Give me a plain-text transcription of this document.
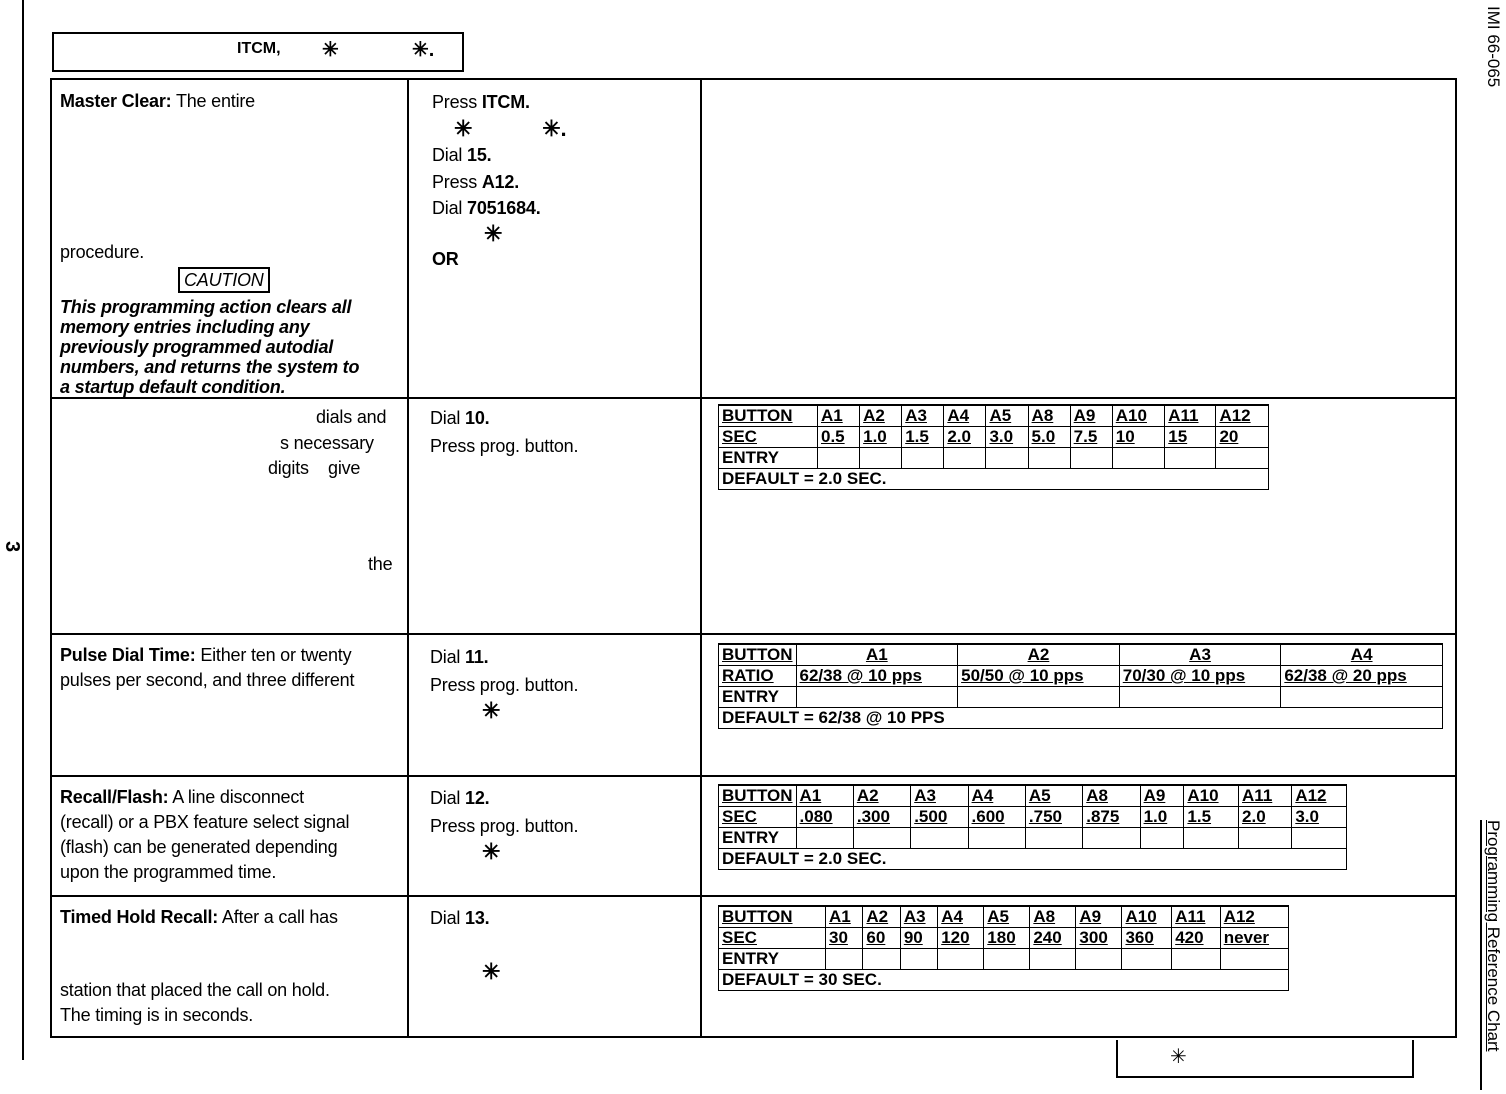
3
IMI 66-065
Programming Reference Chart
ITCM, ✳	✳.
Master Clear: The entire
procedure.
CAUTION
This programming action clears all
memory entries including any
previously programmed autodial
numbers, and returns the system to
a startup default condition.
Press ITCM.
✳	✳.
Dial 15.
Press A12.
Dial 7051684.
✳
OR
dials and
s necessary
digits    give
the
Dial 10.
Press prog. button.
BUTTON	A1	A2	A3	A4	A5	A8	A9	A10	A11	A12
SEC	0.5	1.0	1.5	2.0	3.0	5.0	7.5	10	15	20
ENTRY										
DEFAULT = 2.0 SEC.										
Pulse Dial Time: Either ten or twenty
pulses per second, and three different
Dial 11.
Press prog. button.
✳
BUTTON	A1	A2	A3	A4
RATIO	62/38 @ 10 pps	50/50 @ 10 pps	70/30 @ 10 pps	62/38 @ 20 pps
ENTRY				
DEFAULT = 62/38 @ 10 PPS				
Recall/Flash: A line disconnect
(recall) or a PBX feature select signal
(flash) can be generated depending
upon the programmed time.
Dial 12.
Press prog. button.
✳
BUTTON	A1	A2	A3	A4	A5	A8	A9	A10	A11	A12
SEC	.080	.300	.500	.600	.750	.875	1.0	1.5	2.0	3.0
ENTRY										
DEFAULT = 2.0 SEC.										
Timed Hold Recall: After a call has
station that placed the call on hold.
The timing is in seconds.
Dial 13.
✳
BUTTON	A1	A2	A3	A4	A5	A8	A9	A10	A11	A12
SEC	30	60	90	120	180	240	300	360	420	never
ENTRY										
DEFAULT = 30 SEC.										
✳
